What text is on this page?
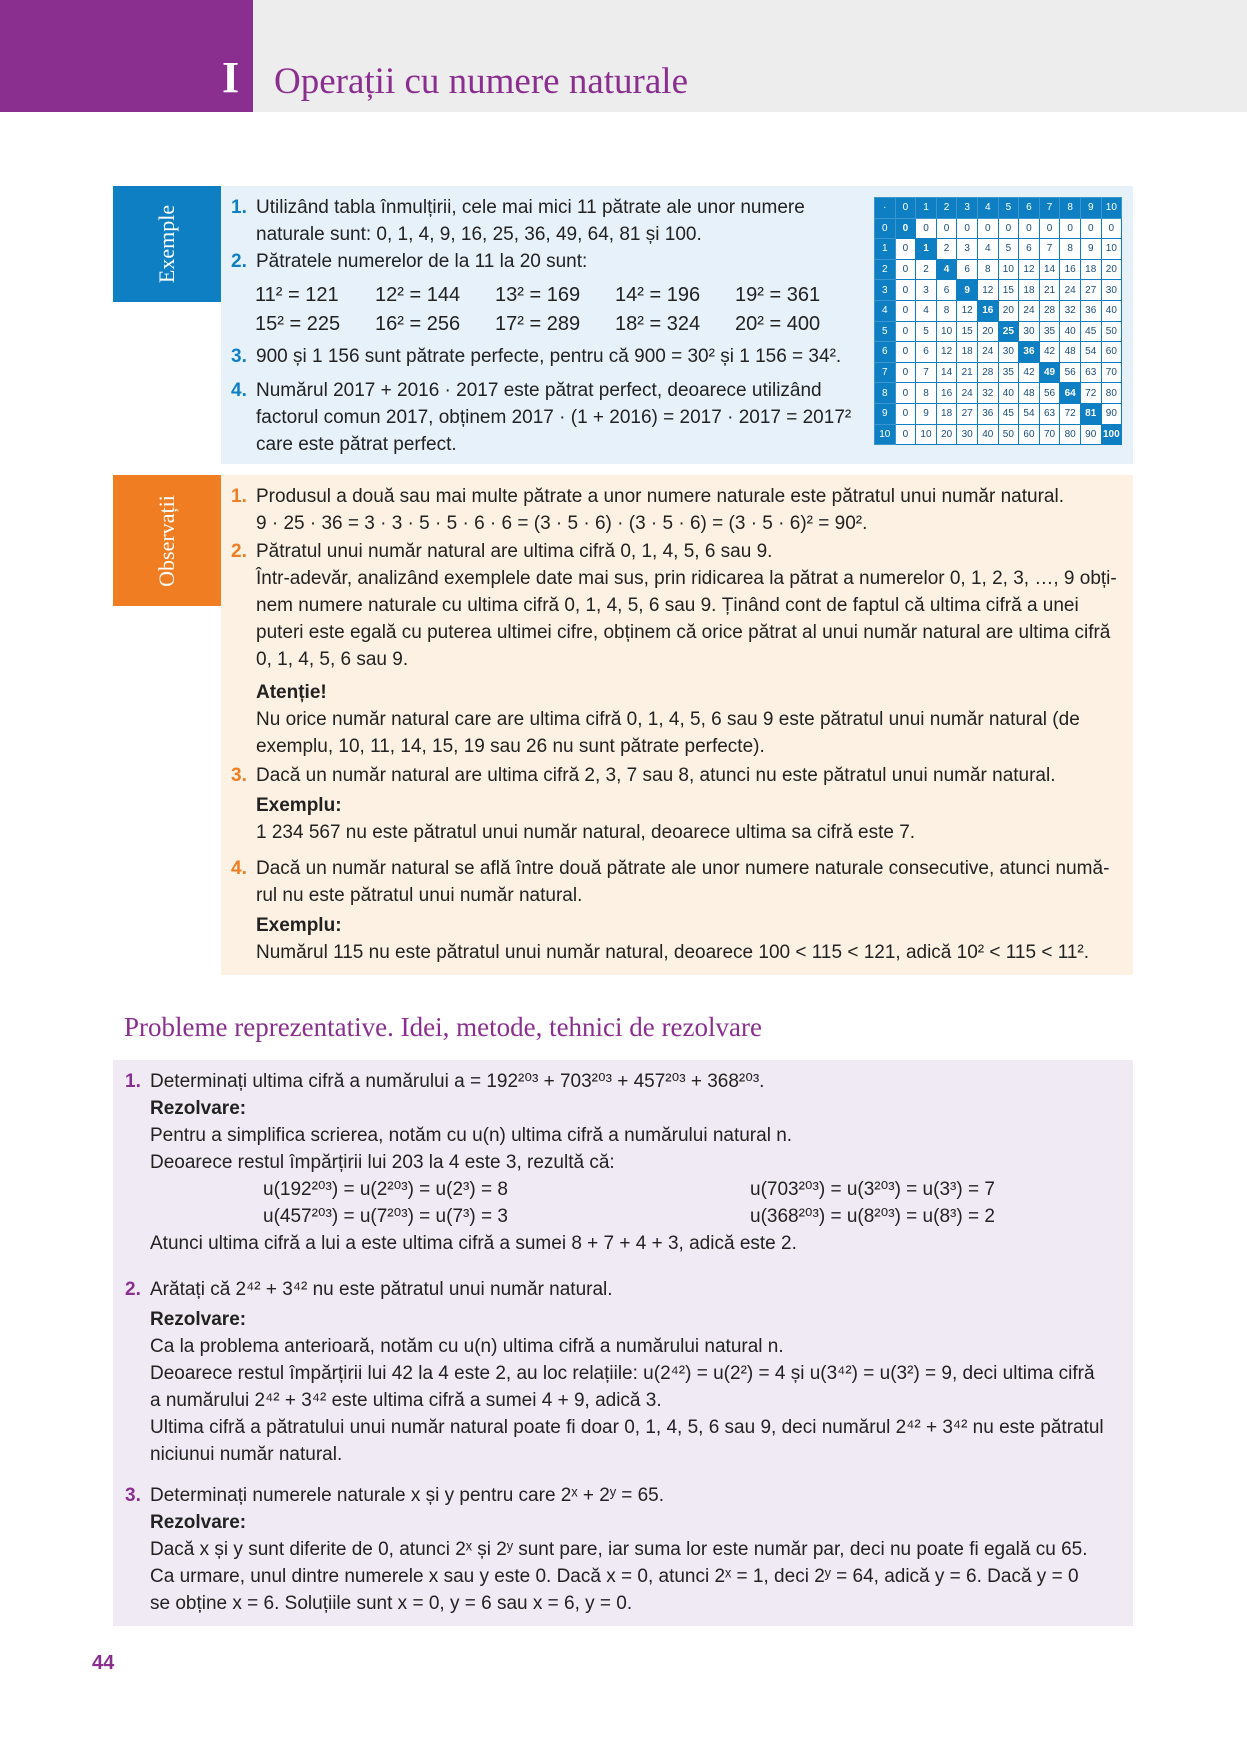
I Operații cu numere naturale
Exemple	1. Utilizând tabla înmulțirii, cele mai mici 11 pătrate ale unor numere
naturale sunt: 0, 1, 4, 9, 16, 25, 36, 49, 64, 81 și 100.
2. Pătratele numerelor de la 11 la 20 sunt:
3. 900 și 1 156 sunt pătrate perfecte, pentru că 900 = 30² și 1 156 = 34².
4. Numărul 2017 + 2016 · 2017 este pătrat perfect, deoarece utilizând
factorul comun 2017, obținem 2017 · (1 + 2016) = 2017 · 2017 = 2017²
care este pătrat perfect.
11² = 121	12² = 144	13² = 169	14² = 196	19² = 361
15² = 225	16² = 256	17² = 289	18² = 324	20² = 400
·	0	1	2	3	4	5	6	7	8	9	10
0	0	0	0	0	0	0	0	0	0	0	0
1	0	1	2	3	4	5	6	7	8	9	10
2	0	2	4	6	8	10	12	14	16	18	20
3	0	3	6	9	12	15	18	21	24	27	30
4	0	4	8	12	16	20	24	28	32	36	40
5	0	5	10	15	20	25	30	35	40	45	50
6	0	6	12	18	24	30	36	42	48	54	60
7	0	7	14	21	28	35	42	49	56	63	70
8	0	8	16	24	32	40	48	56	64	72	80
9	0	9	18	27	36	45	54	63	72	81	90
10	0	10	20	30	40	50	60	70	80	90	100
Observații	1. Produsul a două sau mai multe pătrate a unor numere naturale este pătratul unui număr natural.
9 · 25 · 36 = 3 · 3 · 5 · 5 · 6 · 6 = (3 · 5 · 6) · (3 · 5 · 6) = (3 · 5 · 6)² = 90².
2. Pătratul unui număr natural are ultima cifră 0, 1, 4, 5, 6 sau 9.
Într-adevăr, analizând exemplele date mai sus, prin ridicarea la pătrat a numerelor 0, 1, 2, 3, …, 9 obți-
nem numere naturale cu ultima cifră 0, 1, 4, 5, 6 sau 9. Ținând cont de faptul că ultima cifră a unei
puteri este egală cu puterea ultimei cifre, obținem că orice pătrat al unui număr natural are ultima cifră
0, 1, 4, 5, 6 sau 9.
Atenție!
Nu orice număr natural care are ultima cifră 0, 1, 4, 5, 6 sau 9 este pătratul unui număr natural (de
exemplu, 10, 11, 14, 15, 19 sau 26 nu sunt pătrate perfecte).
3. Dacă un număr natural are ultima cifră 2, 3, 7 sau 8, atunci nu este pătratul unui număr natural.
Exemplu:
1 234 567 nu este pătratul unui număr natural, deoarece ultima sa cifră este 7.
4. Dacă un număr natural se află între două pătrate ale unor numere naturale consecutive, atunci numă-
rul nu este pătratul unui număr natural.
Exemplu:
Numărul 115 nu este pătratul unui număr natural, deoarece 100 < 115 < 121, adică 10² < 115 < 11².
Probleme reprezentative. Idei, metode, tehnici de rezolvare
1. Determinați ultima cifră a numărului a = 192²⁰³ + 703²⁰³ + 457²⁰³ + 368²⁰³.
Rezolvare:
Pentru a simplifica scrierea, notăm cu u(n) ultima cifră a numărului natural n.
Deoarece restul împărțirii lui 203 la 4 este 3, rezultă că:
u(192²⁰³) = u(2²⁰³) = u(2³) = 8	u(703²⁰³) = u(3²⁰³) = u(3³) = 7
u(457²⁰³) = u(7²⁰³) = u(7³) = 3	u(368²⁰³) = u(8²⁰³) = u(8³) = 2
Atunci ultima cifră a lui a este ultima cifră a sumei 8 + 7 + 4 + 3, adică este 2.
2. Arătați că 2⁴² + 3⁴² nu este pătratul unui număr natural.
Rezolvare:
Ca la problema anterioară, notăm cu u(n) ultima cifră a numărului natural n.
Deoarece restul împărțirii lui 42 la 4 este 2, au loc relațiile: u(2⁴²) = u(2²) = 4 și u(3⁴²) = u(3²) = 9, deci ultima cifră
a numărului 2⁴² + 3⁴² este ultima cifră a sumei 4 + 9, adică 3.
Ultima cifră a pătratului unui număr natural poate fi doar 0, 1, 4, 5, 6 sau 9, deci numărul 2⁴² + 3⁴² nu este pătratul
niciunui număr natural.
3. Determinați numerele naturale x și y pentru care 2ˣ + 2ʸ = 65.
Rezolvare:
Dacă x și y sunt diferite de 0, atunci 2ˣ și 2ʸ sunt pare, iar suma lor este număr par, deci nu poate fi egală cu 65.
Ca urmare, unul dintre numerele x sau y este 0. Dacă x = 0, atunci 2ˣ = 1, deci 2ʸ = 64, adică y = 6. Dacă y = 0
se obține x = 6. Soluțiile sunt x = 0, y = 6 sau x = 6, y = 0.
44
